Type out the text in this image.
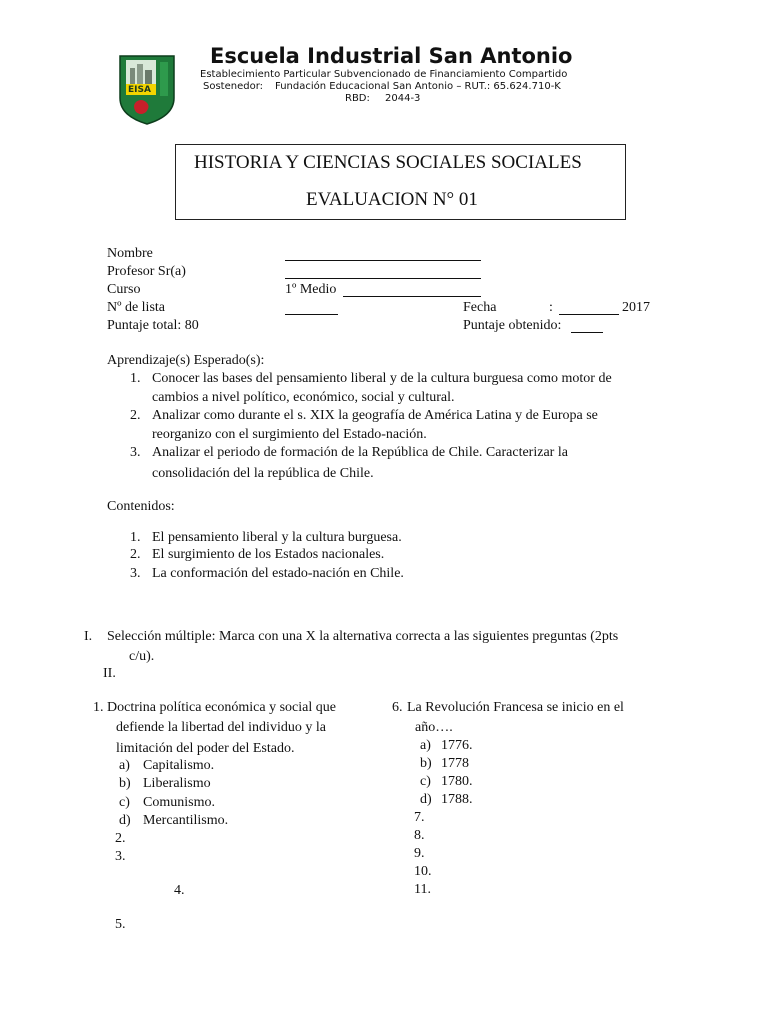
EISA
Escuela Industrial San Antonio
Establecimiento Particular Subvencionado de Financiamiento Compartido
Sostenedor: Fundación Educacional San Antonio – RUT.: 65.624.710-K
RBD: 2044-3
HISTORIA Y CIENCIAS SOCIALES SOCIALES
EVALUACION N° 01
Nombre
Profesor Sr(a)
Curso	1º Medio
Nº de lista	Fecha	:	2017
Puntaje total: 80	Puntaje obtenido:
Aprendizaje(s) Esperado(s):
1. Conocer las bases del pensamiento liberal y de la cultura burguesa como motor de
cambios a nivel político, económico, social y cultural.
2. Analizar como durante el s. XIX la geografía de América Latina y de Europa se
reorganizo con el surgimiento del Estado-nación.
3. Analizar el periodo de formación de la República de Chile. Caracterizar la
consolidación del la república de Chile.
Contenidos:
1. El pensamiento liberal y la cultura burguesa.
2. El surgimiento de los Estados nacionales.
3. La conformación del estado-nación en Chile.
I. Selección múltiple: Marca con una X la alternativa correcta a las siguientes preguntas (2pts
c/u).
II.
1. Doctrina política económica y social que
defiende la libertad del individuo y la
limitación del poder del Estado.
a) Capitalismo.
b) Liberalismo
c) Comunismo.
d) Mercantilismo.
2.
3.
4.
5.
6. La Revolución Francesa se inicio en el
año….
a) 1776.
b) 1778
c) 1780.
d) 1788.
7.
8.
9.
10.
11.
